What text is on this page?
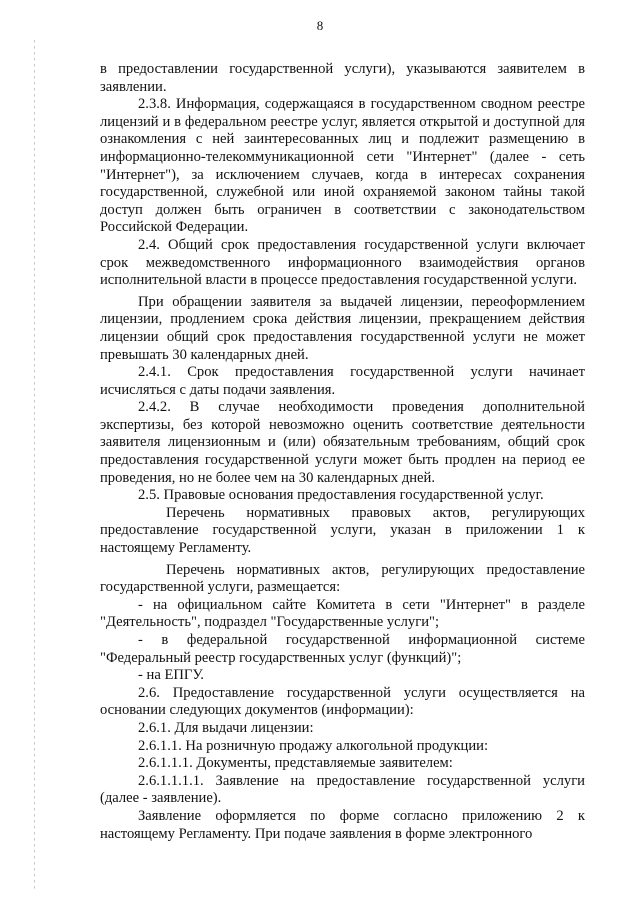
8

в предоставлении государственной услуги), указываются заявителем в заявлении.

2.3.8. Информация, содержащаяся в государственном сводном реестре лицензий и в федеральном реестре услуг, является открытой и доступной для ознакомления с ней заинтересованных лиц и подлежит размещению в информационно-телекоммуникационной сети "Интернет" (далее - сеть "Интернет"), за исключением случаев, когда в интересах сохранения государственной, служебной или иной охраняемой законом тайны такой доступ должен быть ограничен в соответствии с законодательством Российской Федерации.

2.4. Общий срок предоставления государственной услуги включает срок межведомственного информационного взаимодействия органов исполнительной власти в процессе предоставления государственной услуги.

При обращении заявителя за выдачей лицензии, переоформлением лицензии, продлением срока действия лицензии, прекращением действия лицензии общий срок предоставления государственной услуги не может превышать 30 календарных дней.

2.4.1. Срок предоставления государственной услуги начинает исчисляться с даты подачи заявления.

2.4.2. В случае необходимости проведения дополнительной экспертизы, без которой невозможно оценить соответствие деятельности заявителя лицензионным и (или) обязательным требованиям, общий срок предоставления государственной услуги может быть продлен на период ее проведения, но не более чем на 30 календарных дней.

2.5. Правовые основания предоставления государственной услуг.

Перечень нормативных правовых актов, регулирующих предоставление государственной услуги, указан в приложении 1 к настоящему Регламенту.

Перечень нормативных актов, регулирующих предоставление государственной услуги, размещается:

- на официальном сайте Комитета в сети "Интернет" в разделе "Деятельность", подраздел "Государственные услуги";

- в федеральной государственной информационной системе "Федеральный реестр государственных услуг (функций)";

- на ЕПГУ.

2.6. Предоставление государственной услуги осуществляется на основании следующих документов (информации):

2.6.1. Для выдачи лицензии:

2.6.1.1. На розничную продажу алкогольной продукции:

2.6.1.1.1. Документы, представляемые заявителем:

2.6.1.1.1.1. Заявление на предоставление государственной услуги (далее - заявление).

Заявление оформляется по форме согласно приложению 2 к настоящему Регламенту. При подаче заявления в форме электронного
